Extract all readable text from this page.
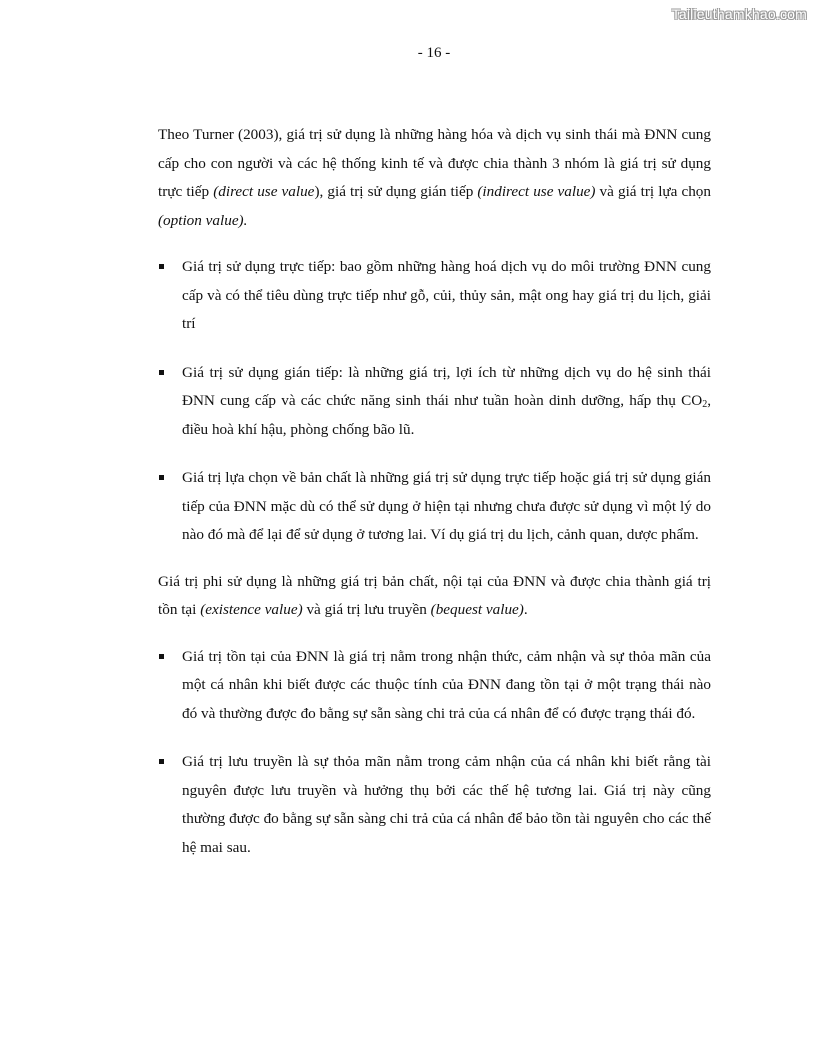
Tailieuthamkhao.com
- 16 -

Theo Turner (2003), giá trị sử dụng là những hàng hóa và dịch vụ sinh thái mà ĐNN cung cấp cho con người và các hệ thống kinh tế và được chia thành 3 nhóm là giá trị sử dụng trực tiếp (direct use value), giá trị sử dụng gián tiếp (indirect use value) và giá trị lựa chọn (option value).

Giá trị sử dụng trực tiếp: bao gồm những hàng hoá dịch vụ do môi trường ĐNN cung cấp và có thể tiêu dùng trực tiếp như gỗ, củi, thủy sản, mật ong hay giá trị du lịch, giải trí
Giá trị sử dụng gián tiếp: là những giá trị, lợi ích từ những dịch vụ do hệ sinh thái ĐNN cung cấp và các chức năng sinh thái như tuần hoàn dinh dưỡng, hấp thụ $CO_2$, điều hoà khí hậu, phòng chống bão lũ.
Giá trị lựa chọn về bản chất là những giá trị sử dụng trực tiếp hoặc giá trị sử dụng gián tiếp của ĐNN mặc dù có thể sử dụng ở hiện tại nhưng chưa được sử dụng vì một lý do nào đó mà để lại để sử dụng ở tương lai. Ví dụ giá trị du lịch, cảnh quan, dược phẩm.

Giá trị phi sử dụng là những giá trị bản chất, nội tại của ĐNN và được chia thành giá trị tồn tại (existence value) và giá trị lưu truyền (bequest value).

Giá trị tồn tại của ĐNN là giá trị nằm trong nhận thức, cảm nhận và sự thỏa mãn của một cá nhân khi biết được các thuộc tính của ĐNN đang tồn tại ở một trạng thái nào đó và thường được đo bằng sự sẵn sàng chi trả của cá nhân để có được trạng thái đó.
Giá trị lưu truyền là sự thỏa mãn nằm trong cảm nhận của cá nhân khi biết rằng tài nguyên được lưu truyền và hưởng thụ bởi các thế hệ tương lai. Giá trị này cũng thường được đo bằng sự sẵn sàng chi trả của cá nhân để bảo tồn tài nguyên cho các thế hệ mai sau.
